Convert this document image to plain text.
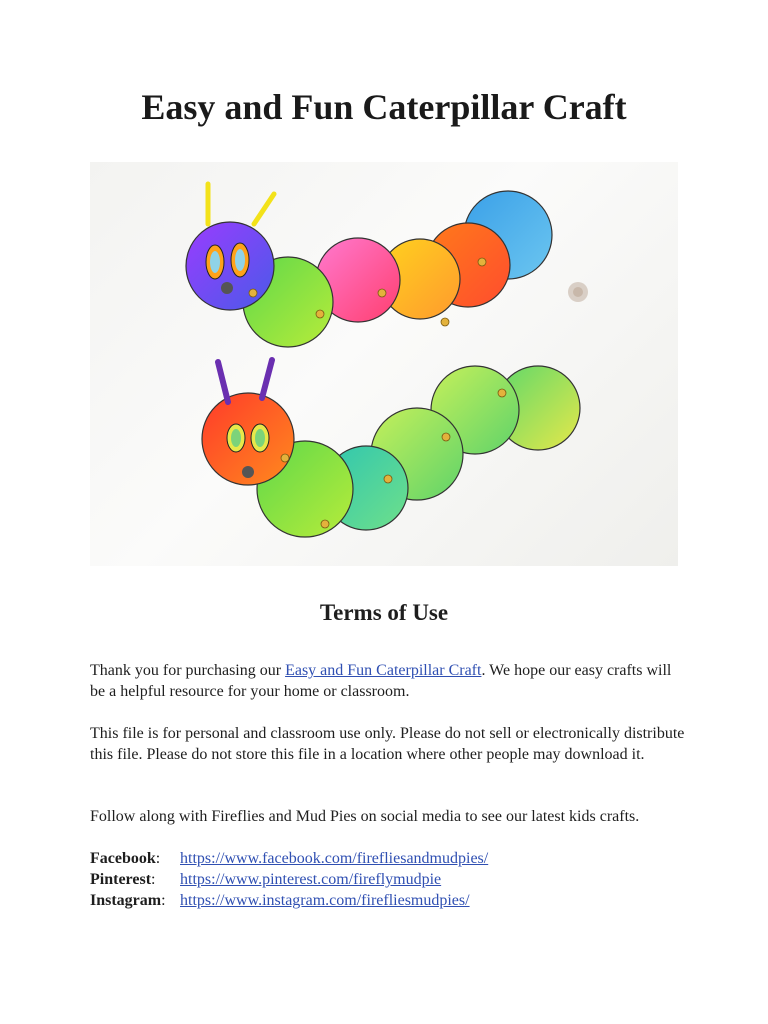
Easy and Fun Caterpillar Craft
Terms of Use

Thank you for purchasing our Easy and Fun Caterpillar Craft. We hope our easy crafts will be a helpful resource for your home or classroom.

This file is for personal and classroom use only. Please do not sell or electronically distribute this file. Please do not store this file in a location where other people may download it.

Follow along with Fireflies and Mud Pies on social media to see our latest kids crafts.

Facebook:	https://www.facebook.com/firefliesandmudpies/
Pinterest:	https://www.pinterest.com/fireflymudpie
Instagram: https://www.instagram.com/firefliesmudpies/
